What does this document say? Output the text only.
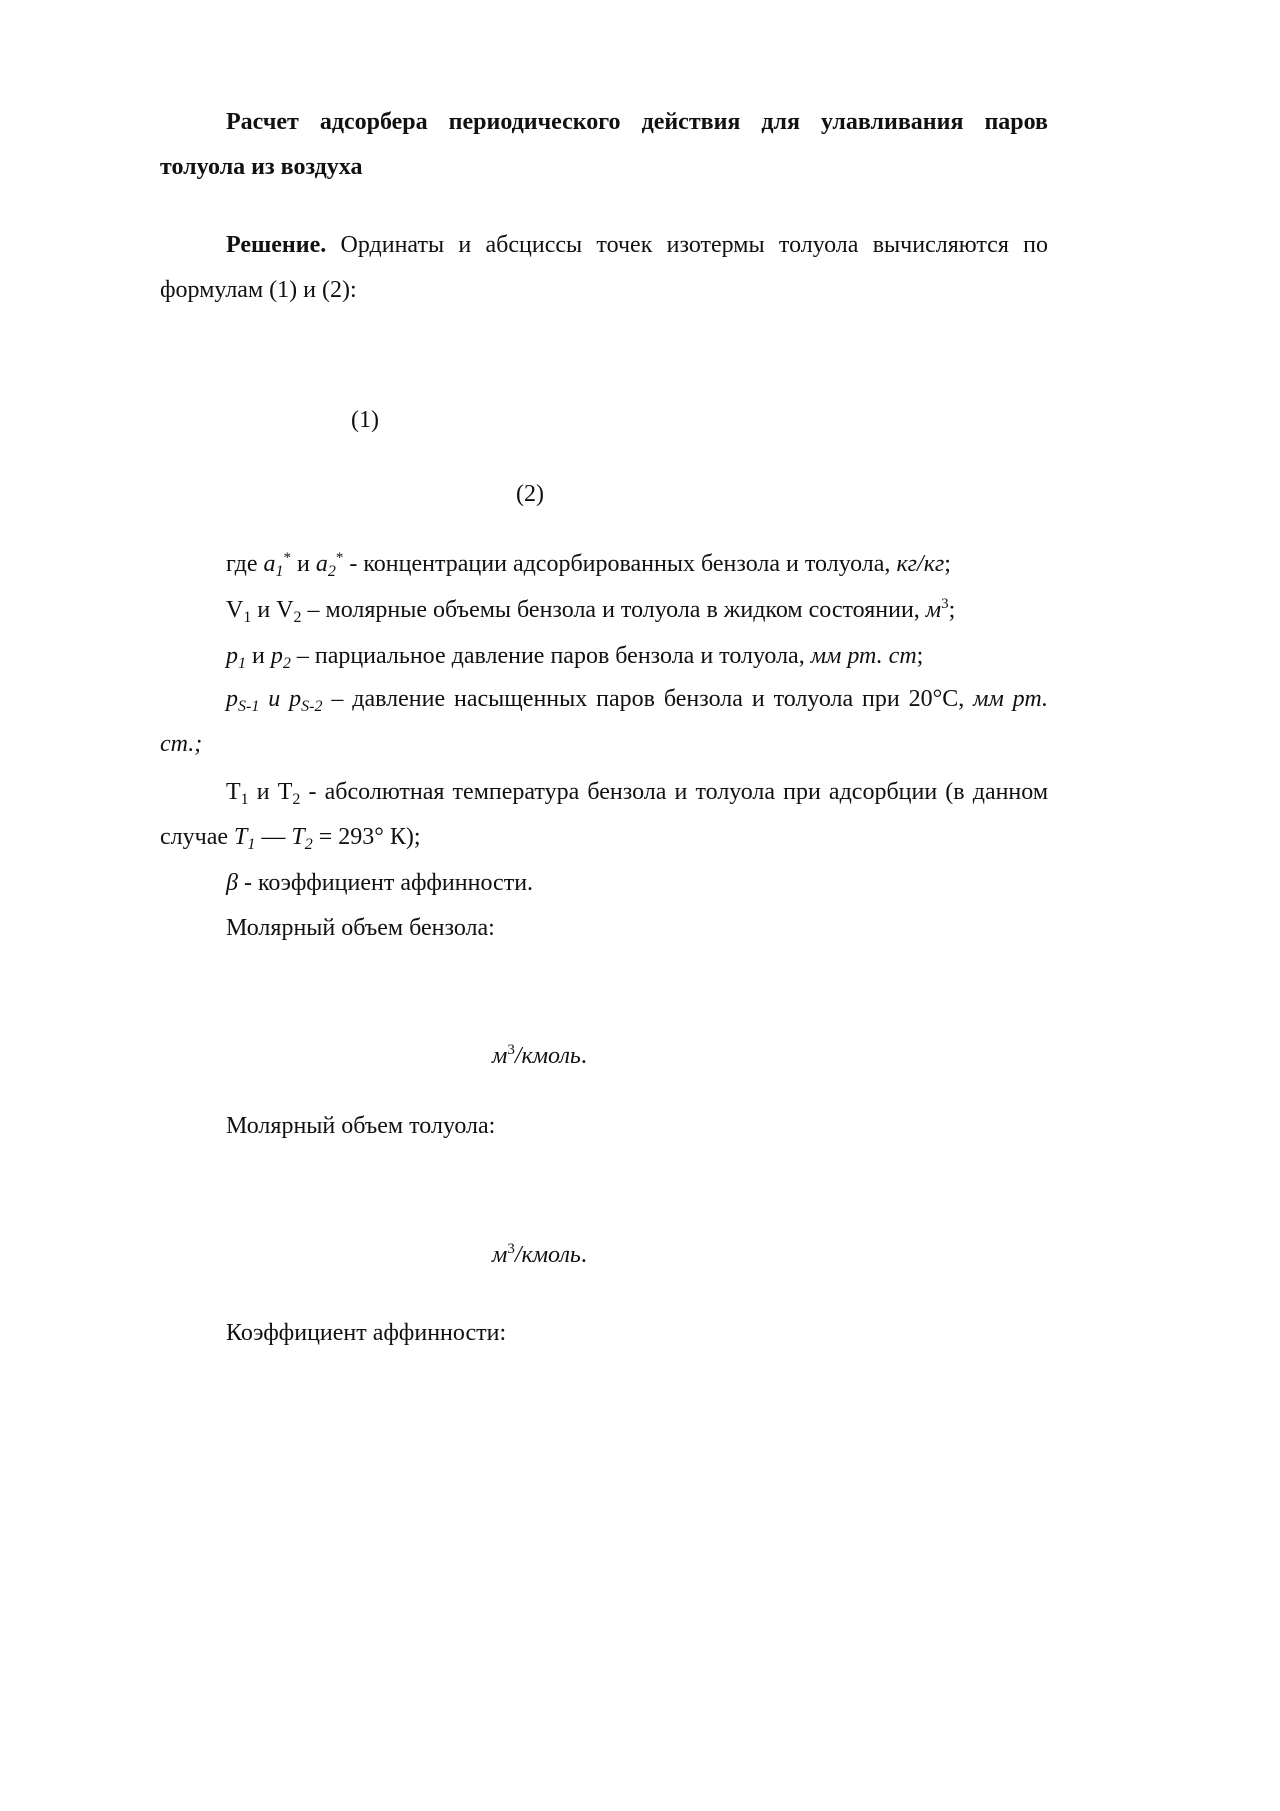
Расчет адсорбера периодического действия для улавливания паров толуола из воздуха

Решение. Ординаты и абсциссы точек изотермы толуола вычисляются по формулам (1) и (2):

(1)
(2)
где $a_1^*$ и $a_2^*$ - концентрации адсорбированных бензола и толуола, кг/кг;
$V_1$ и $V_2$ – молярные объемы бензола и толуола в жидком состоянии, $м^3$;
$p_1$ и $p_2$ – парциальное давление паров бензола и толуола, мм рт. ст;

$p_{S-1}$ и $p_{S-2}$ – давление насыщенных паров бензола и толуола при 20°С, мм рт. ст.;

$Т_1$ и $Т_2$ - абсолютная температура бензола и толуола при адсорбции (в данном случае $T_1$ — $T_2 = 293^\circ$ К);

β - коэффициент аффинности.
Молярный объем бензола:
$м^3$/кмоль.
Молярный объем толуола:
$м^3$/кмоль.
Коэффициент аффинности:
